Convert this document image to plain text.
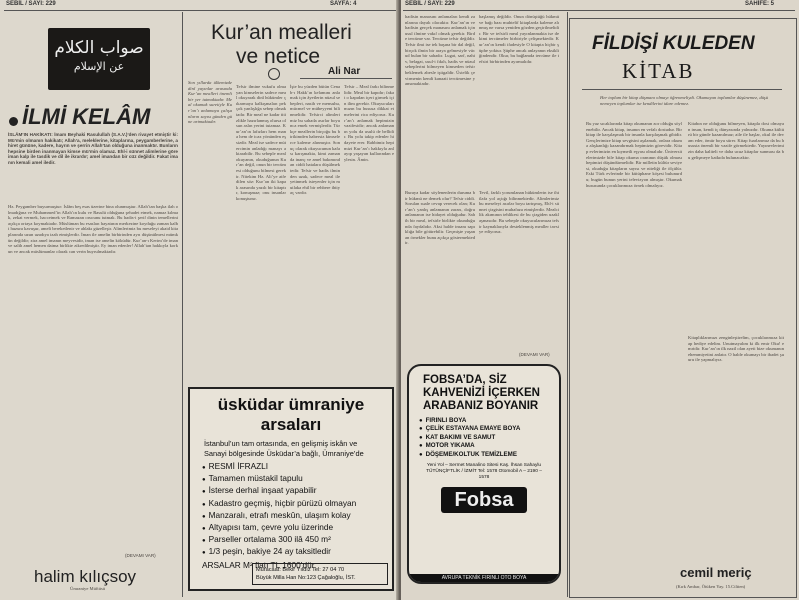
SEBİL / SAYI: 229	SAYFA: 4
صواب الكلام
عن الإسلام
İLMİ KELÂM
İSLÂM’IN HAKİKATI: İmam Beyhaki Rasulullah (S.A.V.)’den rivayet etmiştir ki: Mü’min olmanın hakikatı; Allah’a, meleklerine, kitaplarına, peygamberlerine, ahiret gününe, kadere, hayrın ve şerrin Allah’tan olduğuna inanmaktır. Bunların hepsine birden inanmayan kimse mü’min olamaz. Ehl-i sünnet alimlerine göre iman kalp ile tasdik ve dil ile ikrardır; amel imandan bir cüz değildir. Fakat imanın kemali amel iledir.
Hz. Peygamber buyurmuştur: İslâm beş esas üzerine bina olunmuştur. Allah’tan başka ilah olmadığına ve Muhammed’in Allah’ın kulu ve Rasulü olduğuna şehadet etmek, namaz kılmak, zekat vermek, haccetmek ve Ramazan orucunu tutmak. Bu hadis-i şerif dinin temellerini açıkça ortaya koymaktadır. Müslüman bu esasları hayatının merkezine koyduğu zaman kalbi huzura kavuşur, ameli bereketlenir ve ahlakı güzelleşir. Alimlerimiz bu meseleyi akaid kitaplarında uzun uzadıya izah etmişlerdir. İman ile amelin birbirinden ayrı düşünülmesi mümkün değildir; zira amel imanın meyvesidir, iman ise amelin köküdür. Kur’an-ı Kerim’de iman ve salih amel hemen daima birlikte zikredilmiştir. Ey iman edenler! Allah’tan hakkıyla korkun ve ancak müslümanlar olarak can verin buyrulmaktadır.
(DEVAMI VAR)
halim kılıçsoy
Ümraniye Müftüsü
Son yıllarda ülkemizde dinî yayınlar arasında Kur’an mealleri önemli bir yer tutmaktadır. Meal okumak suretiyle Kur’an’ı anlamaya çalışanların sayısı günden güne artmaktadır.
Kur’an mealleri
ve netice
Ali Nar
Tefsir ilmine vukufu olmayan kimselerin sadece meal okuyarak dinî hükümler çıkarmaya kalkışmaları pek çok yanlışlığa sebep olmaktadır. Bir meal ne kadar titizlikle hazırlanmış olursa olsun aslın yerini tutamaz. Kur’an’ın lafızları hem mana hem de icaz yönünden eşsizdir. Meal ise sadece mütercimin anladığı manayı aktarabilir. Bu sebeple meal okuyanın, okuduğunun Kur’an değil, onun bir tercümesi olduğunu bilmesi gerekir. Nitekim Hz. Ali’ye atfedilen söz: Kur’an iki kapak arasında yazılı bir kitaptır, konuşmaz; onu insanlar konuşturur.
İşte bu yüzden bütün Cenab-ı Hakk’ın kelamını anlamak için âyetlerin nüzul sebepleri, nasih ve mensuhu, mücmel ve mübeyyeni bilinmelidir. Tefsirci alimlerimiz bu sahada asırlar boyunca emek vermişlerdir. Türkçe meallerin birçoğu bu birikimden habersiz kimselerce kaleme alınmıştır. Sonuç olarak okuyucunun kafası karışmakta, kimi zaman da inanç ve amel bakımından ciddi hatalara düşülmektedir. Tefsir ve hadis ilminden uzak, sadece meal ile yetinmek isteyenler için mutlaka ehil bir rehbere ihtiyaç vardır.
Tefsir – Meal farkı bilinmelidir. Meal bir kapıdır; fakat o kapıdan içeri girmek için ilim gerekir. Okuyucularımızın bu hususa dikkat etmelerini rica ediyoruz. Kur’an’ı anlamak hepimizin vazifesidir; ancak anlamanın yolu da usulü de bellidir. Bu yolu takip edenler hidayete erer. Rabbimiz hepimizi Kur’an’ı hakkıyla anlayıp yaşayan kullarından eylesin. Âmin.
üsküdar ümraniye arsaları
İstanbul’un tam ortasında, en gelişmiş iskân ve Sanayi bölgesinde Üsküdar’a bağlı, Ümraniye’de
● RESMİ İFRAZLI
● Tamamen müstakil tapulu
● İsterse derhal inşaat yapabilir
● Kadastro geçmiş, hiçbir pürüzü olmayan
● Manzaralı, etrafı meskûn, ulaşım kolay
● Altyapısı tam, çevre yolu üzerinde
● Parseller ortalama 300 ilâ 450 m²
● 1/3 peşin, bakiye 24 ay taksitledir
ARSALAR M² fiatı TL 1600’dür.
Müracaat: Bekir Yıldız Tel: 27 04 70
Büyük Milla Han No:123 Çağaloğlu, İST.
SEBİL / SAYI: 229	SAHİFE: 5
hadisin manasını anlamaları kendi zanlarına dayalı olacaktır. Kur’an’ın ve hadisin gerçek manasını anlamak için usul ilmine vakıf olmak gerekir. Birde tercüme var. Tercüme tefsir değildir. Tefsir ilmi ise tek başına bir dal değil, birçok ilmin bir araya gelmesiyle vücud bulan bir sahadır. Lugat, sarf, nahiv, belagat, usul-i fıkıh, hadis ve nüzul sebeplerini bilmeyen kimseden tefsir beklemek abesle iştigaldir. Üstelik çevirmenin kendi kanaati tercümesine yansımaktadır.
Buraya kadar söylenenlerin duruma bir hükmü ne demek olur? Tefsir ciddi. Sorulan suale cevap verecek olan; Kur’an’ı yanlış anlamanın zararı, doğru anlamanın ise hidayet olduğudur. Sahih bir meal, tefsirle birlikte okunduğunda faydalıdır. Aksi halde insanı sapıklığa bile götürebilir. Geçmişte yaşanan örnekler bunu açıkça göstermektedir.
başlamış değildir. Onun dönüştüğü hükmü ve bağı bazı muhtelif kitaplarda kaleme alınmış ne varsa yeniden gözden geçirilmelidir. Bir ve tefsirli meal yayınlanmakta ise de kimi tercümeler birbiriyle çelişmektedir. Kur’an’ın kendi ifadesiyle O kitapta hiçbir şüphe yoktur. Şüphe ancak anlayanın eksikliğindendir. Okur, bu bağlamda tercüme ile tefsiri birbirinden ayırmalıdır.
Tevil, farklı yorumlanan hükümlerin ise ihtilafa yol açtığı bilinmektedir. Alimlerimiz bu meseleyi asırlar boyu tartışmış, Ehl-i sünnet çizgisini muhafaza etmişlerdir. Mealcilik akımının tehlikesi de bu çizgiden uzaklaşmasıdır. Bu sebeple okuyucularımıza tefsir kaynaklarıyla desteklenmiş mealler tavsiye ediyoruz.
(DEVAMI VAR)
FOBSA’DA, SİZ KAHVENİZİ İÇERKEN ARABANIZ BOYANIR
● FIRINLI BOYA
● ÇELİK ESTAYANA EMAYE BOYA
● KAT BAKIMI VE SAMUT
● MOTOR YIKAMA
● DÖŞEME/KOLTUK TEMİZLEME
Yeni Yol – Sermet Manalino Sitesi Kaş. İhsan Sahaylu TÜTÜNÇİFTLİK / İZMİT Tel: 1578 Otomobil A – 2190 – 1578
Fobsa
AVRUPA TEKNİK FIRINLI OTO BOYA
FİLDİŞİ KULEDEN
KİTAB
Her toplum bir kitap düşmanı olmayı öğrenmeliydi. Okumayan toplumlar düşünemez, düşünemeyen toplumlar ise kendilerini idare edemez.
Bu yaz sıcaklarında kitap okumanın zor olduğu söylenebilir. Ancak kitap, insanın en vefalı dostudur. Bir kitap ile karşılaşmak bir insanla karşılaşmak gibidir. Gençlerimize kitap sevgisini aşılamak, onlara okuma alışkanlığı kazandırmak hepimizin görevidir. Kitap evlerimizin en kıymetli eşyası olmalıdır. Üniversitelerimizde bile kitap okuma oranının düşük olması hepimizi düşündürmelidir. Bir milletin kültür seviyesi, okuduğu kitapların sayısı ve niteliği ile ölçülür. Eski Türk evlerinde bir kütüphane köşesi bulunurdu; bugün bunun yerini televizyon almıştır. Okumak hususunda çocuklarımıza örnek olmalıyız.
Kitabın ne olduğunu bilmeyen, kitapla dost olmayan insan, kendi iç dünyasında yalnızdır. Okuma kültürü bir günde kazanılmaz; aile ile başlar, okul ile devam eder, ömür boyu sürer. Kitap fuarlarımız da bu hususta önemli bir vazife görmektedir. Yayınevlerimizin daha kaliteli ve daha ucuz kitaplar sunması da bu gelişmeye katkıda bulunacaktır.
Kitaplıklarımızı zenginleştirelim, çocuklarımıza kitap hediye edelim. Unutmayalım ki ilk emir Oku! emridir. Kur’an’ın ilk nazil olan ayeti bize okumanın ehemmiyetini anlatır. O halde okumayı bir ibadet şuuru ile yapmalıyız.
cemil meriç
(Kırk Ambar, Ötüken Yay. 15.Ciltten)
